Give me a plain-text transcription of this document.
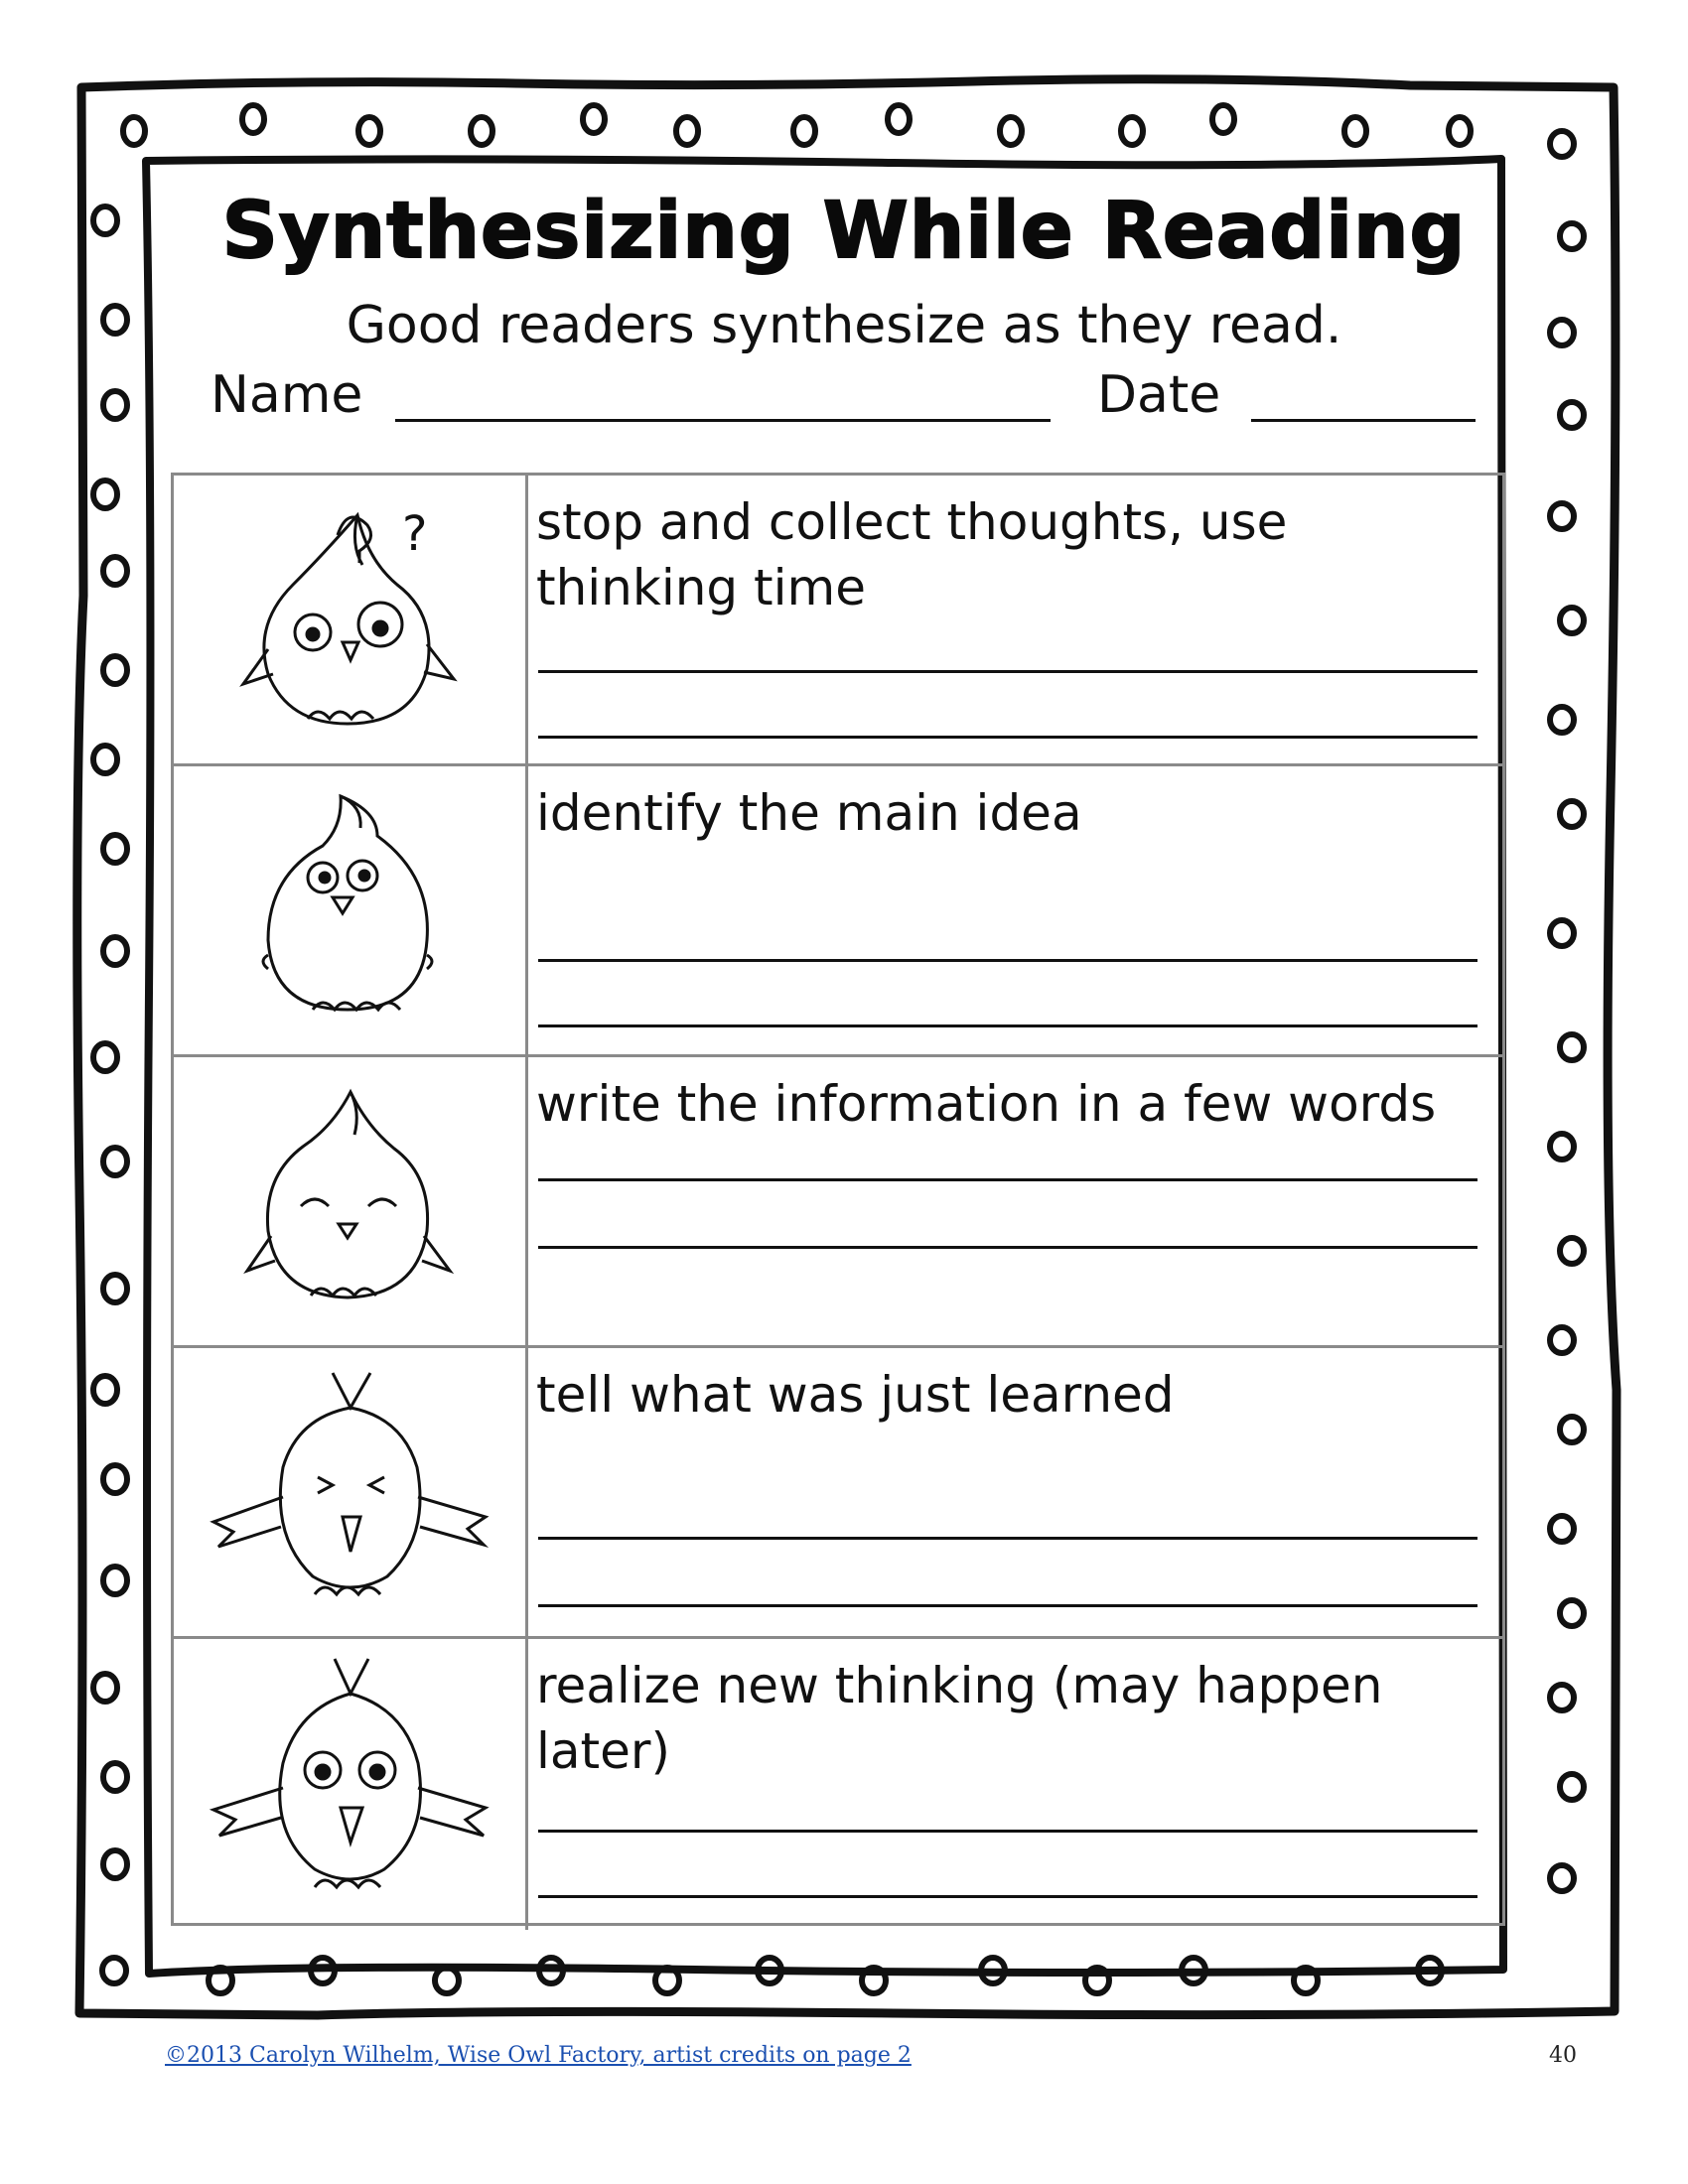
Synthesizing While Reading
Good readers synthesize as they read.
Name	Date
? stop and collect thoughts, use thinking time
identify the main idea
write the information in a few words
tell what was just learned
realize new thinking (may happen later)
©2013 Carolyn Wilhelm, Wise Owl Factory, artist credits on page 2	40
